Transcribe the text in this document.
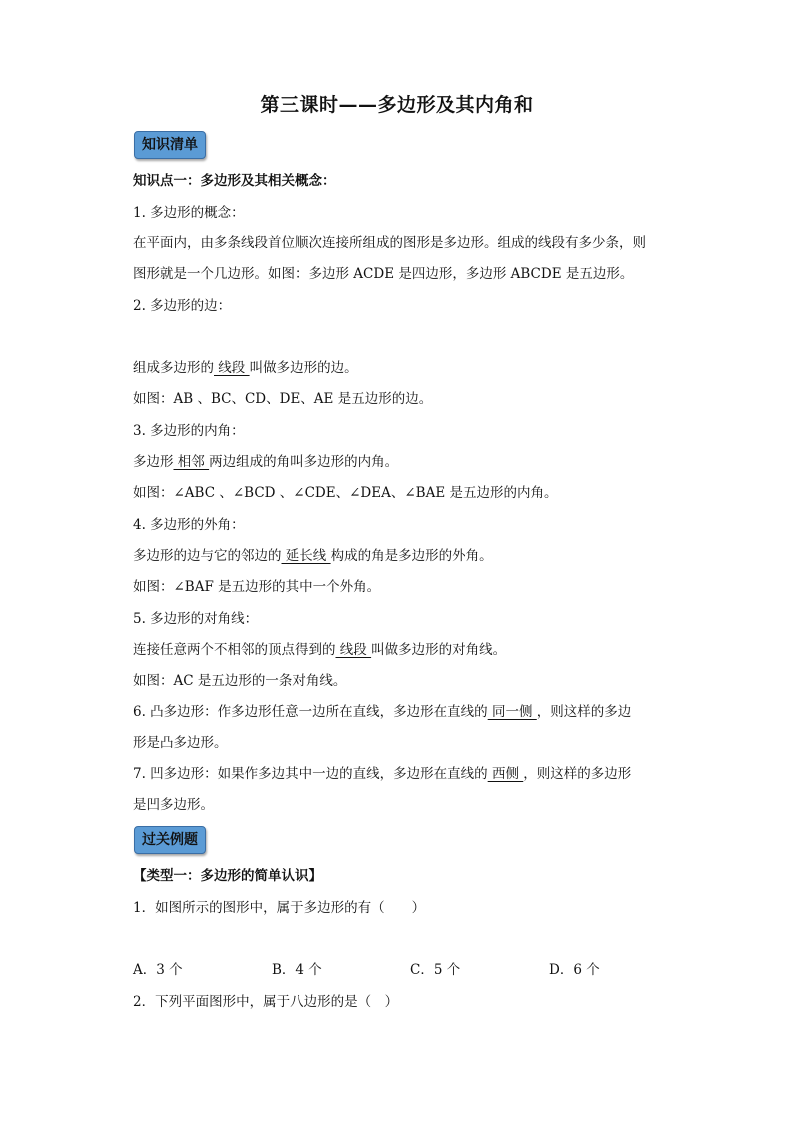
第三课时——多边形及其内角和
知识清单
知识点一：多边形及其相关概念：
1. 多边形的概念：
在平面内，由多条线段首位顺次连接所组成的图形是多边形。组成的线段有多少条，则
图形就是一个几边形。如图：多边形 ACDE 是四边形，多边形 ABCDE 是五边形。
2. 多边形的边：
组成多边形的 线段 叫做多边形的边。
如图：AB 、BC、CD、DE、AE 是五边形的边。
3. 多边形的内角：
多边形 相邻 两边组成的角叫多边形的内角。
如图：∠ABC 、∠BCD 、∠CDE、∠DEA、∠BAE 是五边形的内角。
4. 多边形的外角：
多边形的边与它的邻边的 延长线 构成的角是多边形的外角。
如图：∠BAF 是五边形的其中一个外角。
5. 多边形的对角线：
连接任意两个不相邻的顶点得到的 线段 叫做多边形的对角线。
如图：AC 是五边形的一条对角线。
6. 凸多边形：作多边形任意一边所在直线，多边形在直线的 同一侧 ，则这样的多边
形是凸多边形。
7. 凹多边形：如果作多边其中一边的直线，多边形在直线的 西侧 ，则这样的多边形
是凹多边形。
过关例题
【类型一：多边形的简单认识】
1．如图所示的图形中，属于多边形的有（　　）
A．3 个	B．4 个	C．5 个	D．6 个
2．下列平面图形中，属于八边形的是（　）
